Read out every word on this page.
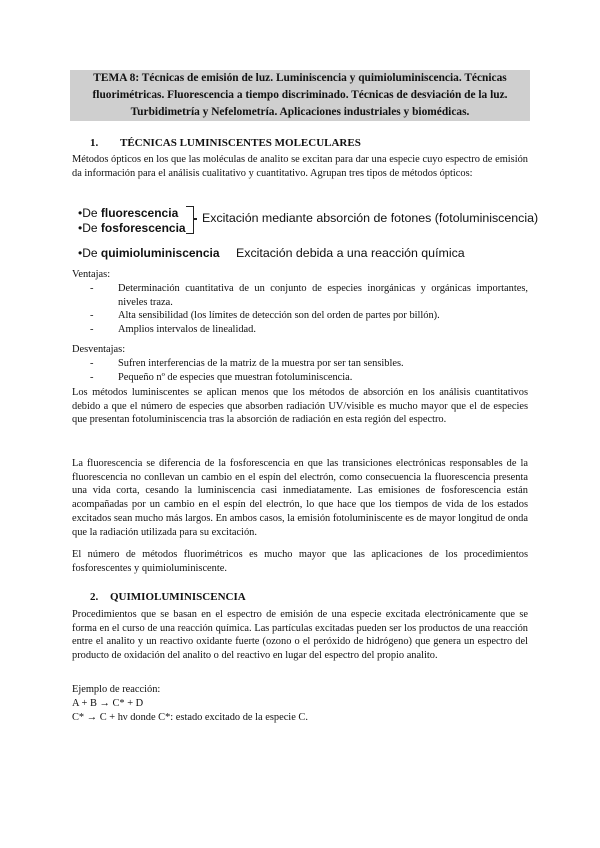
TEMA 8: Técnicas de emisión de luz. Luminiscencia y quimioluminiscencia. Técnicas
fluorimétricas. Fluorescencia a tiempo discriminado. Técnicas de desviación de la luz.
Turbidimetría y Nefelometría. Aplicaciones industriales y biomédicas.
1. TÉCNICAS LUMINISCENTES MOLECULARES
Métodos ópticos en los que las moléculas de analito se excitan para dar una especie cuyo espectro de emisión da información para el análisis cualitativo y cuantitativo. Agrupan tres tipos de métodos ópticos:
•De fluorescencia
•De fosforescencia
Excitación mediante absorción de fotones (fotoluminiscencia)
•De quimioluminiscencia Excitación debida a una reacción química
Ventajas:
- Determinación cuantitativa de un conjunto de especies inorgánicas y orgánicas importantes, niveles traza.
- Alta sensibilidad (los límites de detección son del orden de partes por billón).
- Amplios intervalos de linealidad.
Desventajas:
- Sufren interferencias de la matriz de la muestra por ser tan sensibles.
- Pequeño nº de especies que muestran fotoluminiscencia.
Los métodos luminiscentes se aplican menos que los métodos de absorción en los análisis cuantitativos debido a que el número de especies que absorben radiación UV/visible es mucho mayor que el de especies que presentan fotoluminiscencia tras la absorción de radiación en esta región del espectro.
La fluorescencia se diferencia de la fosforescencia en que las transiciones electrónicas responsables de la fluorescencia no conllevan un cambio en el espín del electrón, como consecuencia la fluorescencia presenta una vida corta, cesando la luminiscencia casi inmediatamente. Las emisiones de fosforescencia están acompañadas por un cambio en el espín del electrón, lo que hace que los tiempos de vida de los estados excitados sean mucho más largos. En ambos casos, la emisión fotoluminiscente es de mayor longitud de onda que la radiación utilizada para su excitación.
El número de métodos fluorimétricos es mucho mayor que las aplicaciones de los procedimientos fosforescentes y quimioluminiscente.
2. QUIMIOLUMINISCENCIA
Procedimientos que se basan en el espectro de emisión de una especie excitada electrónicamente que se forma en el curso de una reacción química. Las partículas excitadas pueden ser los productos de una reacción entre el analito y un reactivo oxidante fuerte (ozono o el peróxido de hidrógeno) que genera un espectro del producto de oxidación del analito o del reactivo en lugar del espectro del propio analito.
Ejemplo de reacción:
A + B → C* + D
C* → C + hν donde C*: estado excitado de la especie C.
